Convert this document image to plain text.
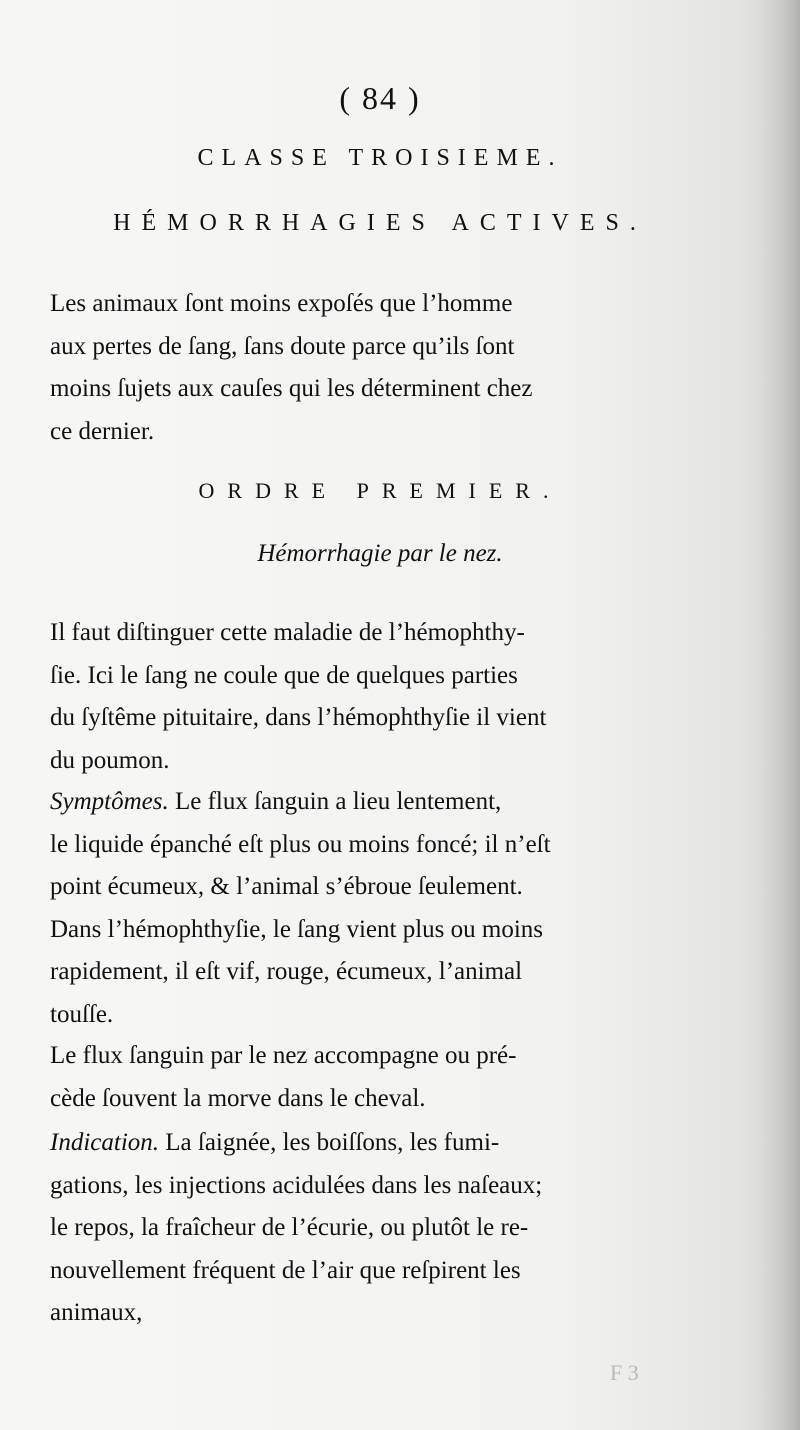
( 84 )
CLASSE TROISIEME.
HÉMORRHAGIES ACTIVES.
Les animaux ſont moins expoſés que l’homme
aux pertes de ſang, ſans doute parce qu’ils ſont
moins ſujets aux cauſes qui les déterminent chez
ce dernier.
ORDRE PREMIER.
Hémorrhagie par le nez.
Il faut diſtinguer cette maladie de l’hémophthy-
ſie. Ici le ſang ne coule que de quelques parties
du ſyſtême pituitaire, dans l’hémophthyſie il vient
du poumon.
Symptômes. Le flux ſanguin a lieu lentement,
le liquide épanché eſt plus ou moins foncé; il n’eſt
point écumeux, & l’animal s’ébroue ſeulement.
Dans l’hémophthyſie, le ſang vient plus ou moins
rapidement, il eſt vif, rouge, écumeux, l’animal
touſſe.
Le flux ſanguin par le nez accompagne ou pré-
cède ſouvent la morve dans le cheval.
Indication. La ſaignée, les boiſſons, les fumi-
gations, les injections acidulées dans les naſeaux;
le repos, la fraîcheur de l’écurie, ou plutôt le re-
nouvellement fréquent de l’air que reſpirent les
animaux,
F 3
